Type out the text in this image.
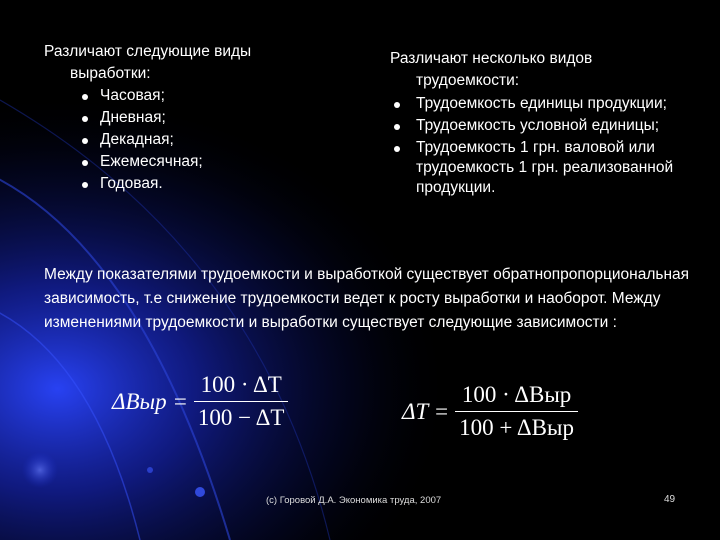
Различают следующие виды
выработки:

Часовая;
Дневная;
Декадная;
Ежемесячная;
Годовая.

Различают несколько видов
трудоемкости:

Трудоемкость единицы продукции;
Трудоемкость условной единицы;
Трудоемкость 1 грн. валовой или трудоемкость 1 грн. реализованной продукции.
Между показателями трудоемкости и выработкой существует обратнопропорциональная зависимость, т.е снижение трудоемкости ведет к росту выработки и наоборот. Между изменениями трудоемкости и выработки существует следующие зависимости :
$\Delta Выр = \frac{100 \cdot \Delta T}{100 - \Delta T}$	$\Delta T = \frac{\text{100 · ΔВыр}}{\text{100 + ΔВыр}}$
(c) Горовой Д.А. Экономика труда, 2007	49
